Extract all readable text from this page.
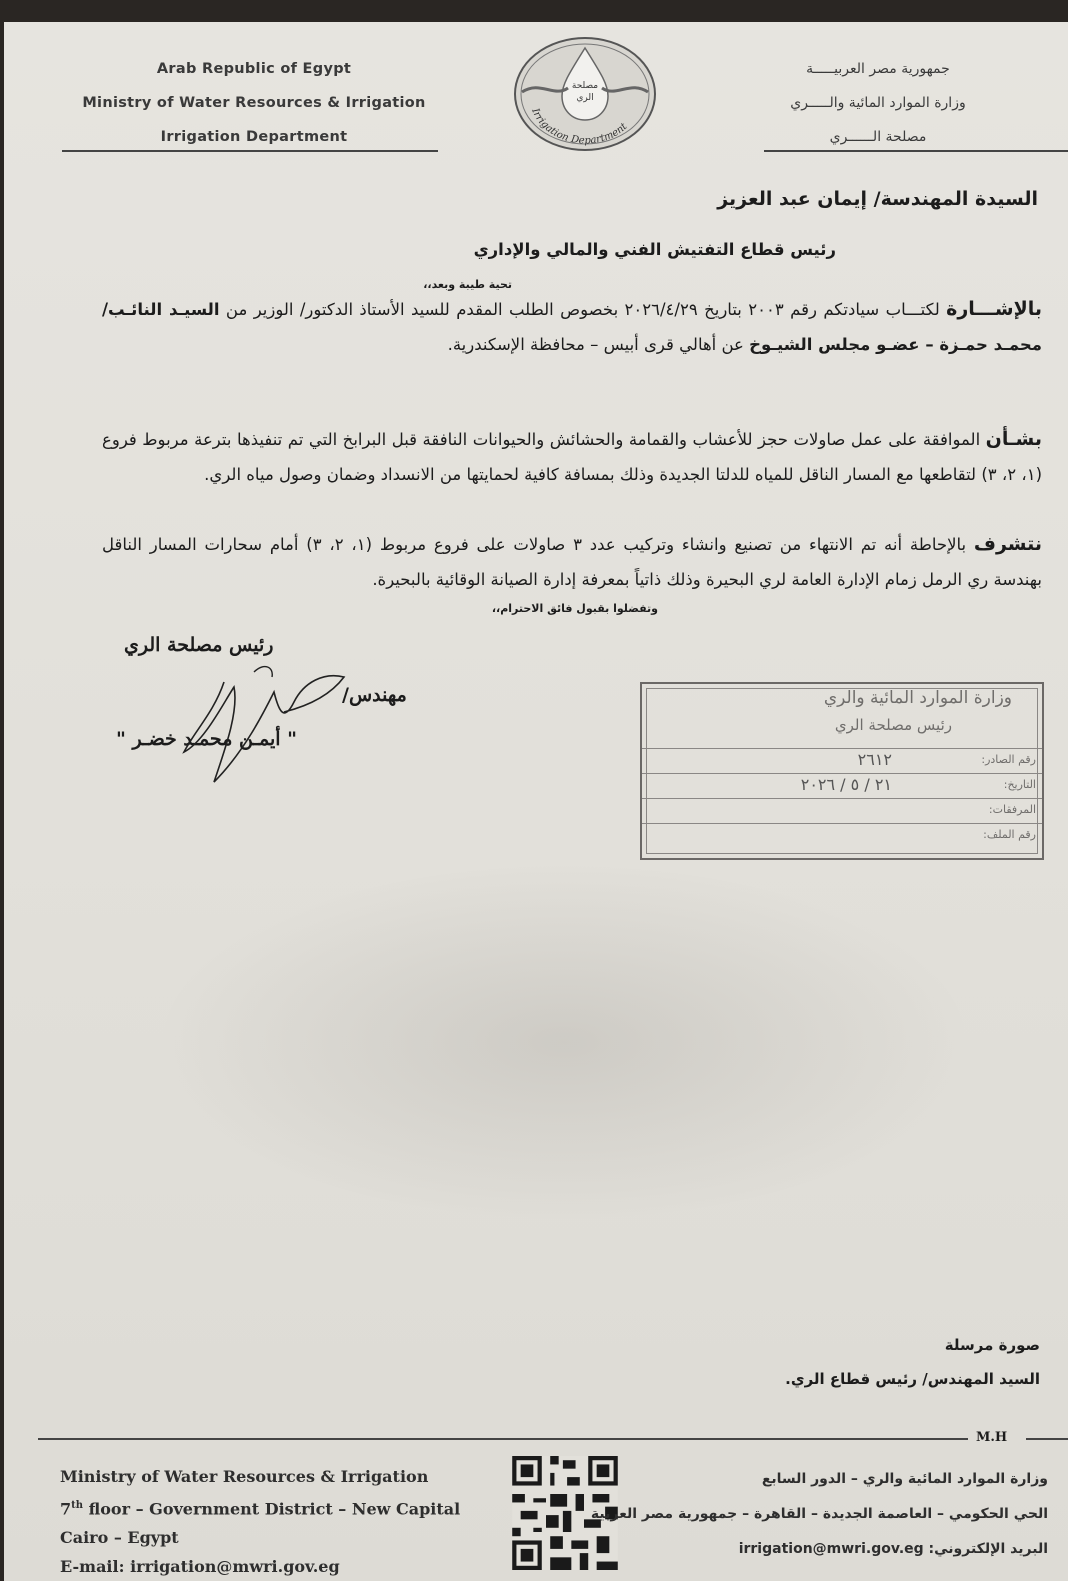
Arab Republic of Egypt
Ministry of Water Resources & Irrigation
Irrigation Department
مصلحة
الري
Irrigation Department
جمهورية مصر العربيـــــة
وزارة الموارد المائية والـــــري
مصلحة الــــــري
السيدة المهندسة/ إيمان عبد العزيز
رئيس قطاع التفتيش الفني والمالي والإداري
تحية طيبة وبعد،،
بالإشـــارة لكتـــاب سيادتكم رقم ٢٠٠٣ بتاريخ ٢٠٢٦/٤/٢٩ بخصوص الطلب المقدم للسيد الأستاذ الدكتور/ الوزير من السيـد النائـب/ محمـد حمـزة – عضـو مجلس الشيـوخ عن أهالي قرى أبيس – محافظة الإسكندرية.
بشـأن الموافقة على عمل صاولات حجز للأعشاب والقمامة والحشائش والحيوانات النافقة قبل البرابخ التي تم تنفيذها بترعة مربوط فروع (١، ٢، ٣) لتقاطعها مع المسار الناقل للمياه للدلتا الجديدة وذلك بمسافة كافية لحمايتها من الانسداد وضمان وصول مياه الري.
نتشرف بالإحاطة أنه تم الانتهاء من تصنيع وانشاء وتركيب عدد ٣ صاولات على فروع مربوط (١، ٢، ٣) أمام سحارات المسار الناقل بهندسة ري الرمل زمام الإدارة العامة لري البحيرة وذلك ذاتياً بمعرفة إدارة الصيانة الوقائية بالبحيرة.
وتفضلوا بقبول فائق الاحترام،،
رئيس مصلحة الري
مهندس/
" أيمـن محمـد خضـر "
وزارة الموارد المائية والري
رئيس مصلحة الري
رقم الصادر:
٢٦١٢
التاريخ:
٢١ / ٥ / ٢٠٢٦
المرفقات:
رقم الملف:
صورة مرسلة
السيد المهندس/ رئيس قطاع الري.
M.H
Ministry of Water Resources & Irrigation
7th floor – Government District – New Capital
Cairo – Egypt
E-mail: irrigation@mwri.gov.eg
وزارة الموارد المائية والري – الدور السابع
الحي الحكومي – العاصمة الجديدة – القاهرة – جمهورية مصر العربية
البريد الإلكتروني: irrigation@mwri.gov.eg
